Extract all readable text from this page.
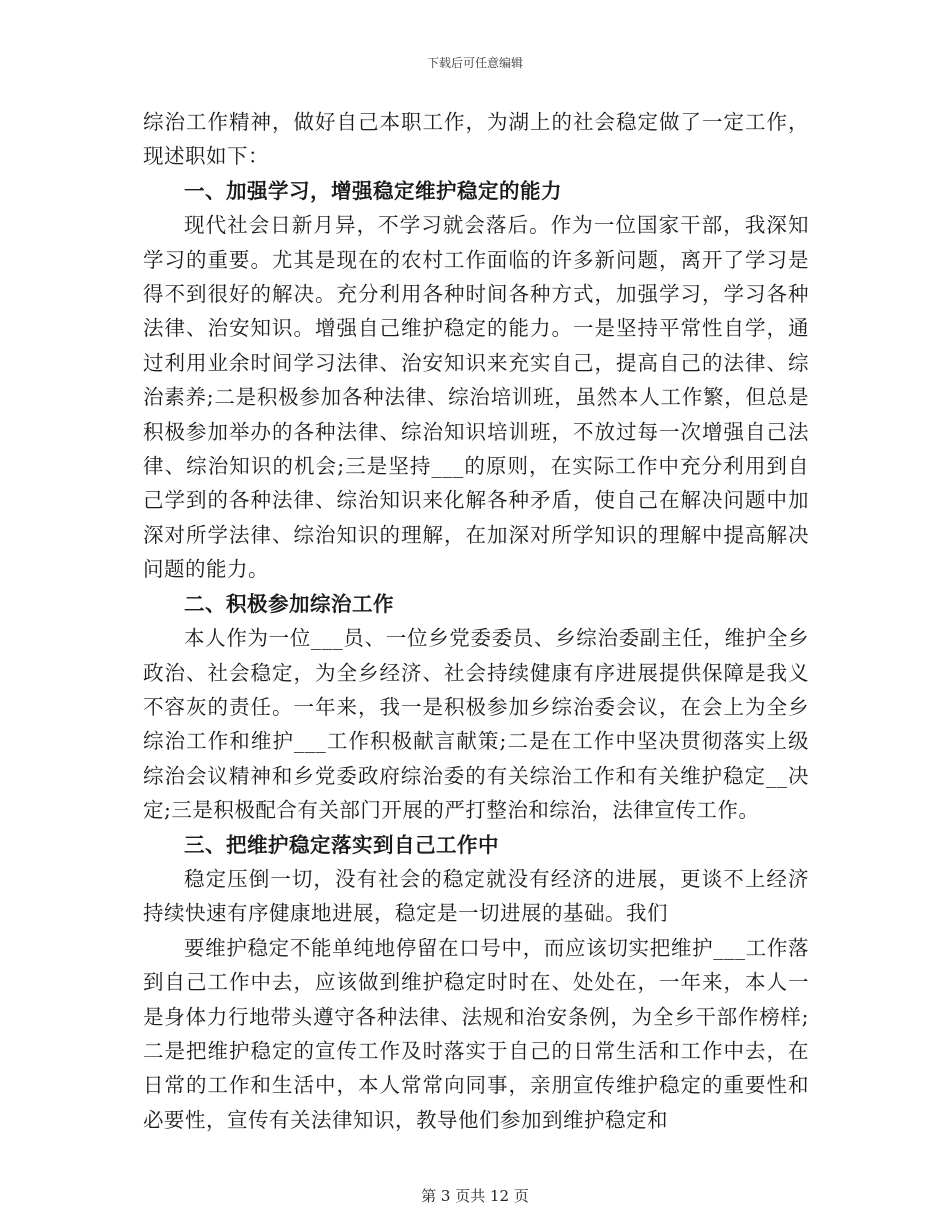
下载后可任意编辑

综治工作精神，做好自己本职工作，为湖上的社会稳定做了一定工作，现述职如下：

一、加强学习，增强稳定维护稳定的能力

现代社会日新月异，不学习就会落后。作为一位国家干部，我深知学习的重要。尤其是现在的农村工作面临的许多新问题，离开了学习是得不到很好的解决。充分利用各种时间各种方式，加强学习，学习各种法律、治安知识。增强自己维护稳定的能力。一是坚持平常性自学，通过利用业余时间学习法律、治安知识来充实自己，提高自己的法律、综治素养;二是积极参加各种法律、综治培训班，虽然本人工作繁，但总是积极参加举办的各种法律、综治知识培训班，不放过每一次增强自己法律、综治知识的机会;三是坚持___的原则，在实际工作中充分利用到自己学到的各种法律、综治知识来化解各种矛盾，使自己在解决问题中加深对所学法律、综治知识的理解，在加深对所学知识的理解中提高解决问题的能力。

二、积极参加综治工作

本人作为一位___员、一位乡党委委员、乡综治委副主任，维护全乡政治、社会稳定，为全乡经济、社会持续健康有序进展提供保障是我义不容灰的责任。一年来，我一是积极参加乡综治委会议，在会上为全乡综治工作和维护___工作积极献言献策;二是在工作中坚决贯彻落实上级综治会议精神和乡党委政府综治委的有关综治工作和有关维护稳定__决定;三是积极配合有关部门开展的严打整治和综治，法律宣传工作。

三、把维护稳定落实到自己工作中

稳定压倒一切，没有社会的稳定就没有经济的进展，更谈不上经济持续快速有序健康地进展，稳定是一切进展的基础。我们

要维护稳定不能单纯地停留在口号中，而应该切实把维护___工作落到自己工作中去，应该做到维护稳定时时在、处处在，一年来，本人一是身体力行地带头遵守各种法律、法规和治安条例，为全乡干部作榜样;二是把维护稳定的宣传工作及时落实于自己的日常生活和工作中去，在日常的工作和生活中，本人常常向同事，亲朋宣传维护稳定的重要性和必要性，宣传有关法律知识，教导他们参加到维护稳定和

第 3 页共 12 页
